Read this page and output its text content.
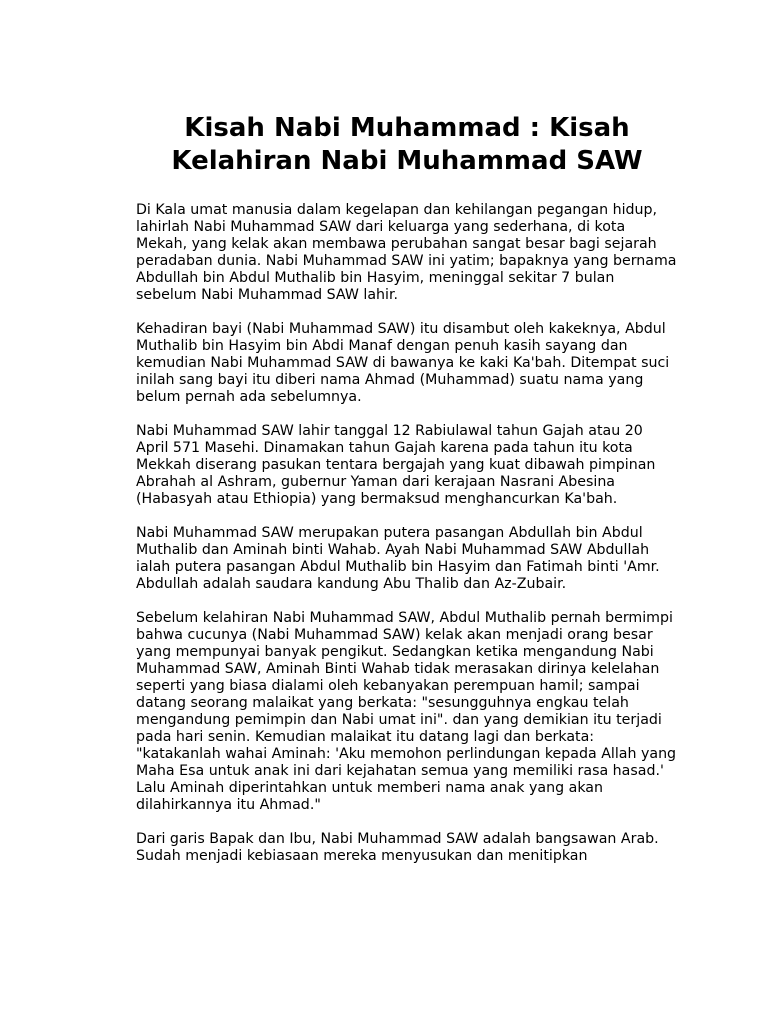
Kisah Nabi Muhammad : Kisah Kelahiran Nabi Muhammad SAW

Di Kala umat manusia dalam kegelapan dan kehilangan pegangan hidup, lahirlah Nabi Muhammad SAW dari keluarga yang sederhana, di kota Mekah, yang kelak akan membawa perubahan sangat besar bagi sejarah peradaban dunia. Nabi Muhammad SAW ini yatim; bapaknya yang bernama Abdullah bin Abdul Muthalib bin Hasyim, meninggal sekitar 7 bulan sebelum Nabi Muhammad SAW lahir.

Kehadiran bayi (Nabi Muhammad SAW) itu disambut oleh kakeknya, Abdul Muthalib bin Hasyim bin Abdi Manaf dengan penuh kasih sayang dan kemudian Nabi Muhammad SAW di bawanya ke kaki Ka'bah. Ditempat suci inilah sang bayi itu diberi nama Ahmad (Muhammad) suatu nama yang belum pernah ada sebelumnya.

Nabi Muhammad SAW lahir tanggal 12 Rabiulawal tahun Gajah atau 20 April 571 Masehi. Dinamakan tahun Gajah karena pada tahun itu kota Mekkah diserang pasukan tentara bergajah yang kuat dibawah pimpinan Abrahah al Ashram, gubernur Yaman dari kerajaan Nasrani Abesina (Habasyah atau Ethiopia) yang bermaksud menghancurkan Ka'bah.

Nabi Muhammad SAW merupakan putera pasangan Abdullah bin Abdul Muthalib dan Aminah binti Wahab. Ayah Nabi Muhammad SAW Abdullah ialah putera pasangan Abdul Muthalib bin Hasyim dan Fatimah binti 'Amr. Abdullah adalah saudara kandung Abu Thalib dan Az-Zubair.

Sebelum kelahiran Nabi Muhammad SAW, Abdul Muthalib pernah bermimpi bahwa cucunya (Nabi Muhammad SAW) kelak akan menjadi orang besar yang mempunyai banyak pengikut. Sedangkan ketika mengandung Nabi Muhammad SAW, Aminah Binti Wahab tidak merasakan dirinya kelelahan seperti yang biasa dialami oleh kebanyakan perempuan hamil; sampai datang seorang malaikat yang berkata: "sesungguhnya engkau telah mengandung pemimpin dan Nabi umat ini". dan yang demikian itu terjadi pada hari senin. Kemudian malaikat itu datang lagi dan berkata: "katakanlah wahai Aminah: 'Aku memohon perlindungan kepada Allah yang Maha Esa untuk anak ini dari kejahatan semua yang memiliki rasa hasad.' Lalu Aminah diperintahkan untuk memberi nama anak yang akan dilahirkannya itu Ahmad."

Dari garis Bapak dan Ibu, Nabi Muhammad SAW adalah bangsawan Arab. Sudah menjadi kebiasaan mereka menyusukan dan menitipkan
